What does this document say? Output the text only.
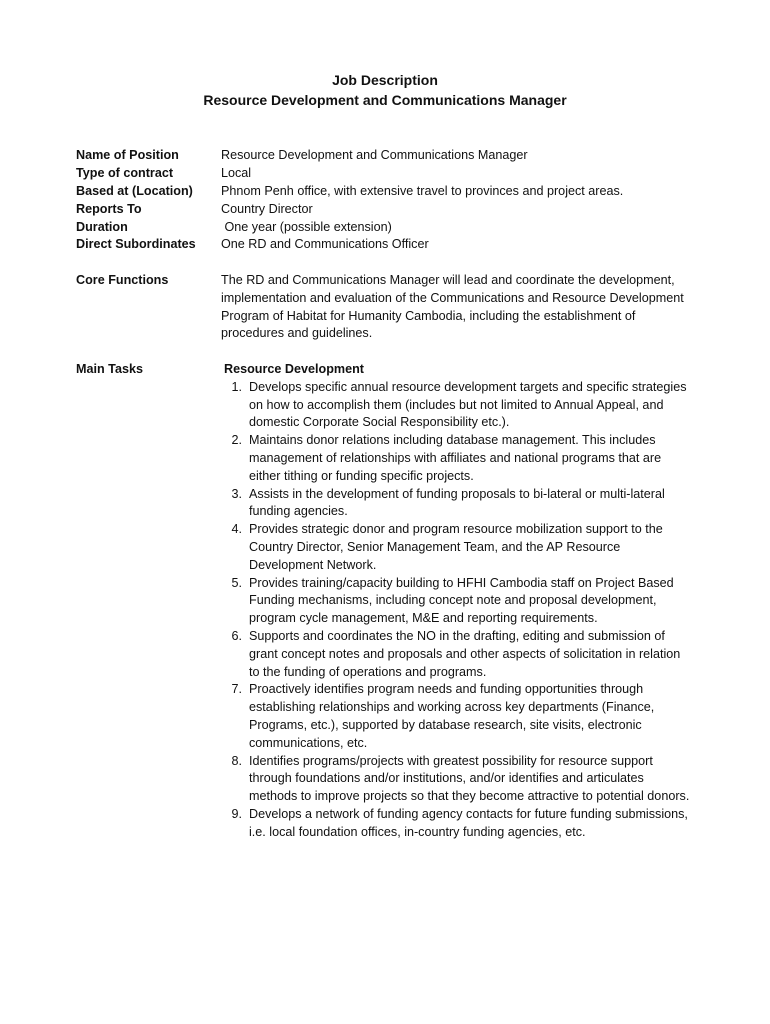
Job Description
Resource Development and Communications Manager
Name of Position	Resource Development and Communications Manager
Type of contract	Local
Based at (Location)	Phnom Penh office, with extensive travel to provinces and project areas.
Reports To	Country Director
Duration	One year (possible extension)
Direct Subordinates	One RD and Communications Officer
Core Functions	The RD and Communications Manager will lead and coordinate the development, implementation and evaluation of the Communications and Resource Development Program of Habitat for Humanity Cambodia, including the establishment of procedures and guidelines.
Main Tasks	Resource Development
1. Develops specific annual resource development targets and specific strategies on how to accomplish them (includes but not limited to Annual Appeal, and domestic Corporate Social Responsibility etc.).
2. Maintains donor relations including database management. This includes management of relationships with affiliates and national programs that are either tithing or funding specific projects.
3. Assists in the development of funding proposals to bi-lateral or multi-lateral funding agencies.
4. Provides strategic donor and program resource mobilization support to the Country Director, Senior Management Team, and the AP Resource Development Network.
5. Provides training/capacity building to HFHI Cambodia staff on Project Based Funding mechanisms, including concept note and proposal development, program cycle management, M&E and reporting requirements.
6. Supports and coordinates the NO in the drafting, editing and submission of grant concept notes and proposals and other aspects of solicitation in relation to the funding of operations and programs.
7. Proactively identifies program needs and funding opportunities through establishing relationships and working across key departments (Finance, Programs, etc.), supported by database research, site visits, electronic communications, etc.
8. Identifies programs/projects with greatest possibility for resource support through foundations and/or institutions, and/or identifies and articulates methods to improve projects so that they become attractive to potential donors.
9. Develops a network of funding agency contacts for future funding submissions, i.e. local foundation offices, in-country funding agencies, etc.
